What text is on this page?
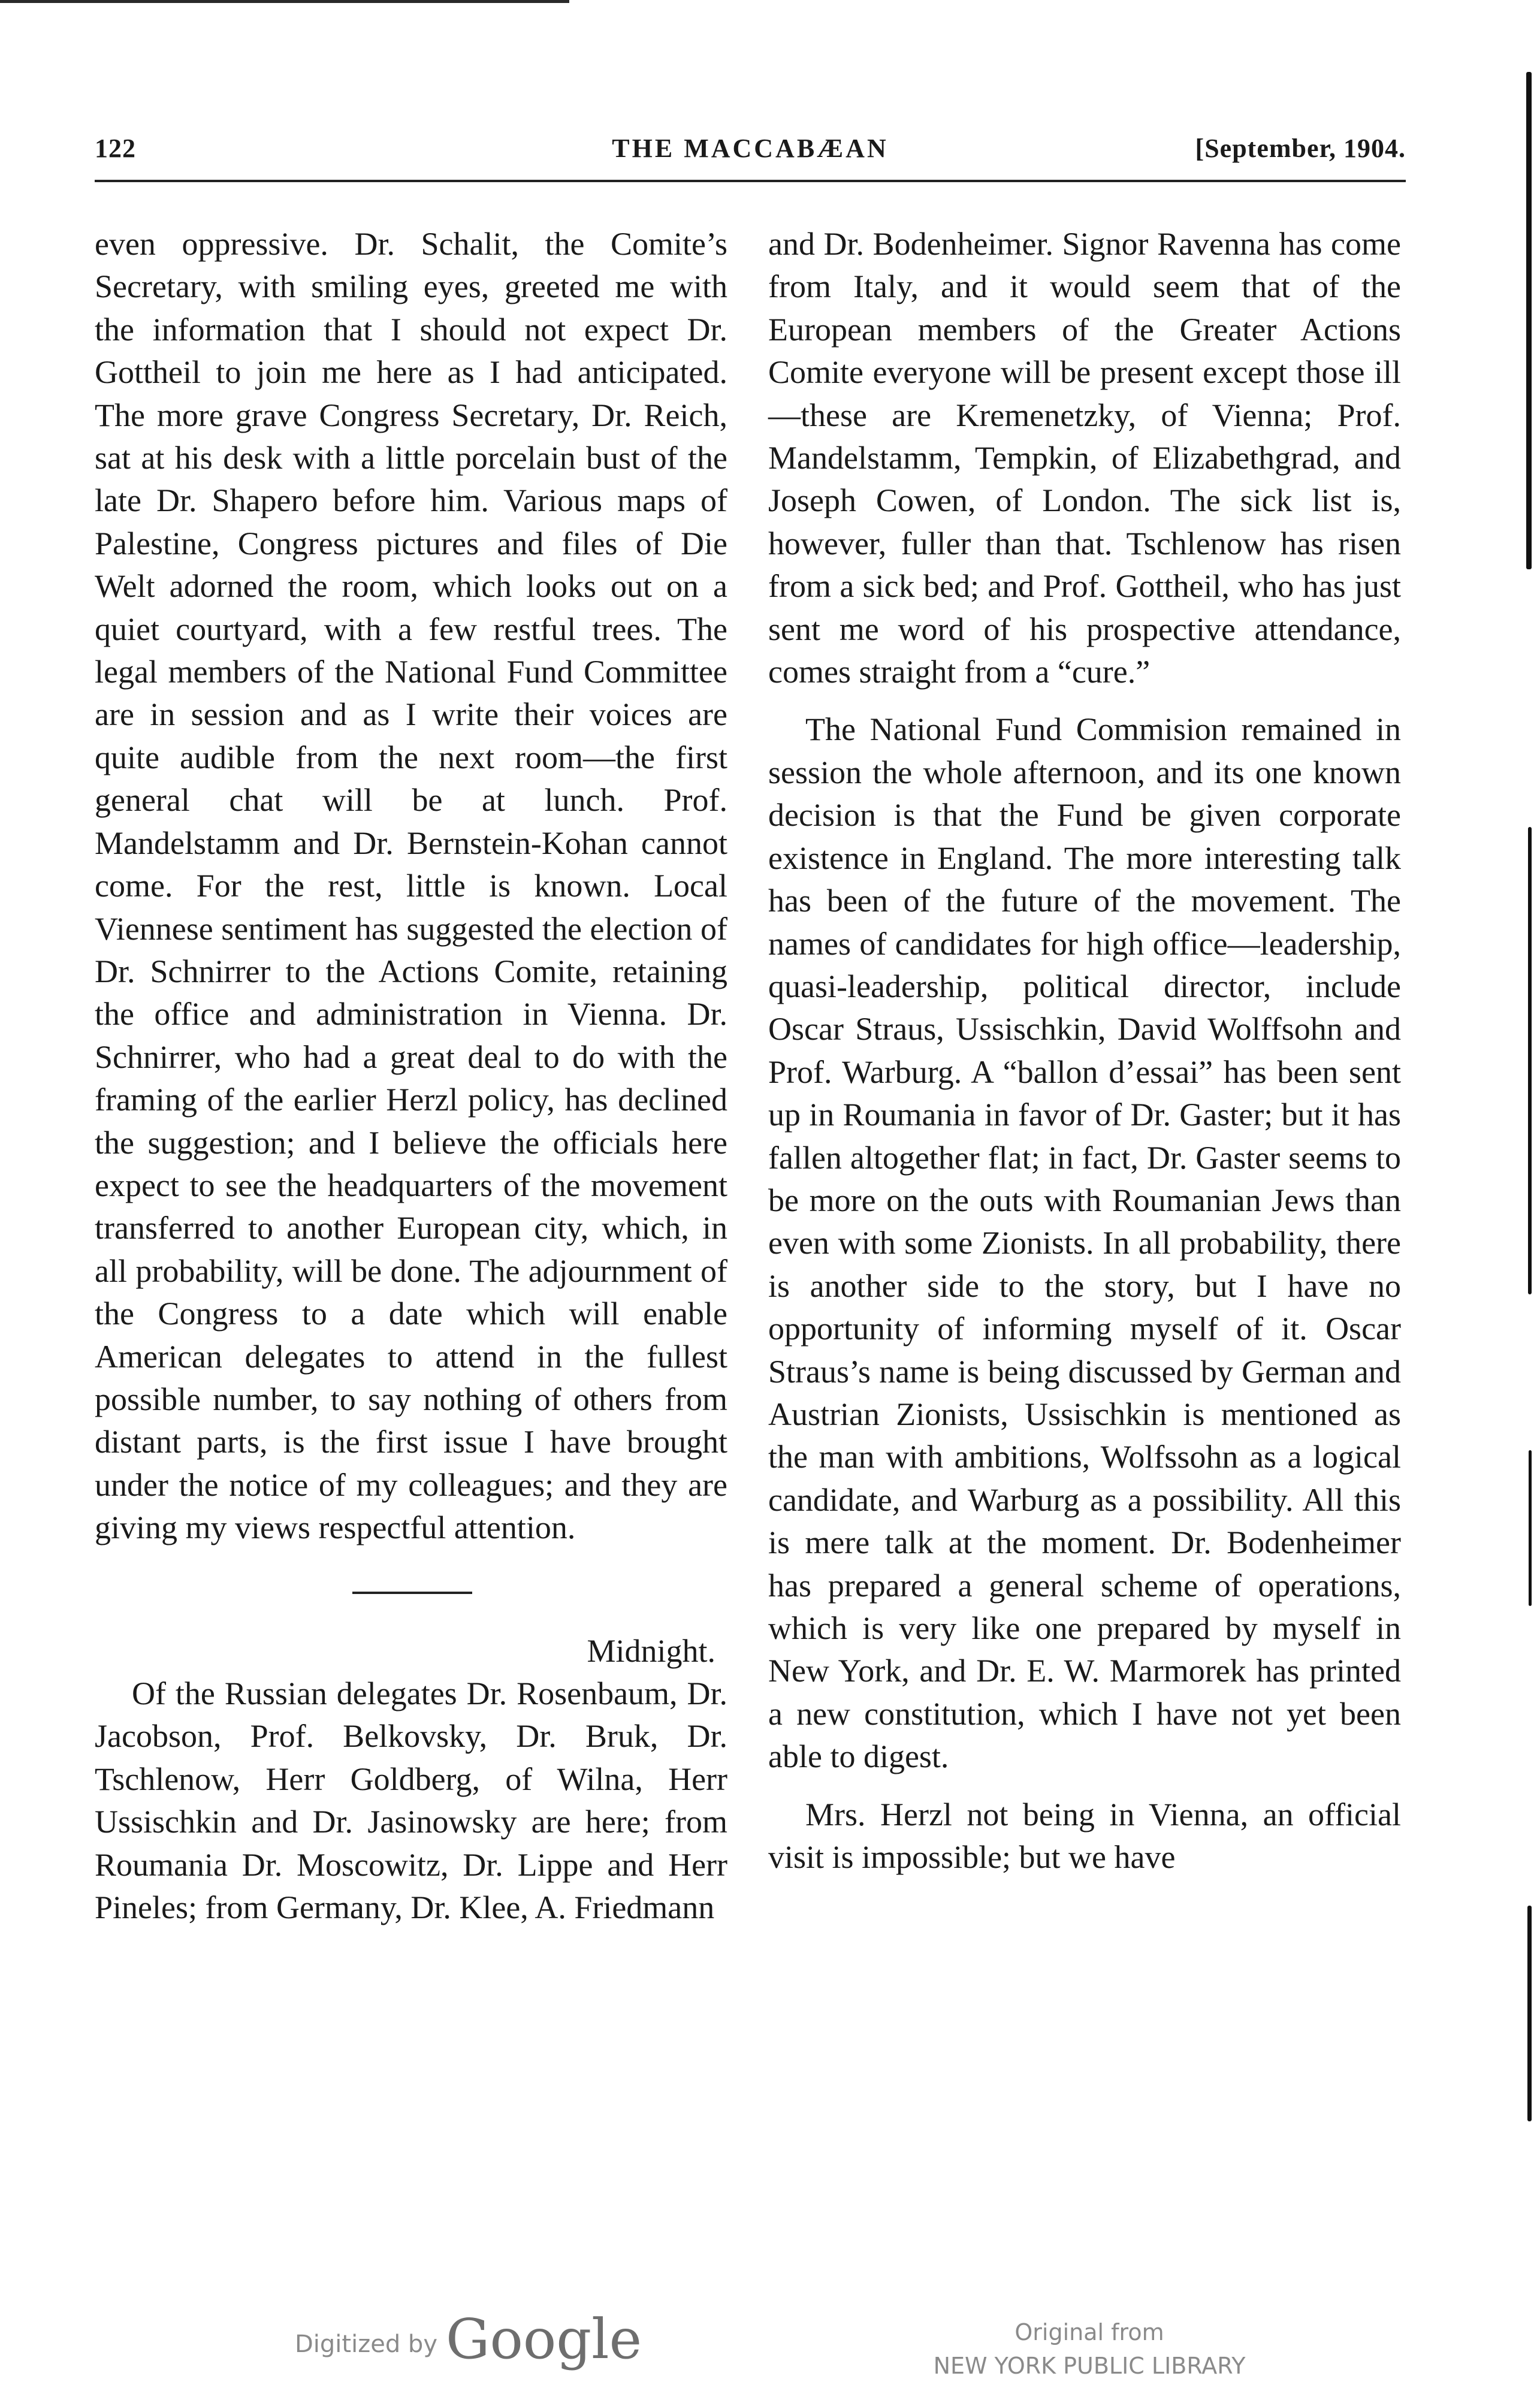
122	THE MACCABÆAN	[September, 1904.

even oppressive. Dr. Schalit, the Comite’s Secretary, with smiling eyes, greeted me with the information that I should not expect Dr. Gottheil to join me here as I had anticipated. The more grave Congress Secretary, Dr. Reich, sat at his desk with a little porcelain bust of the late Dr. Shapero before him. Various maps of Palestine, Congress pictures and files of Die Welt adorned the room, which looks out on a quiet courtyard, with a few restful trees. The legal members of the National Fund Committee are in session and as I write their voices are quite audible from the next room—the first general chat will be at lunch. Prof. Mandelstamm and Dr. Bernstein-Kohan cannot come. For the rest, little is known. Local Viennese sentiment has suggested the election of Dr. Schnirrer to the Actions Comite, retaining the office and administration in Vienna. Dr. Schnirrer, who had a great deal to do with the framing of the earlier Herzl policy, has declined the suggestion; and I believe the officials here expect to see the headquarters of the movement transferred to another European city, which, in all probability, will be done. The adjournment of the Congress to a date which will enable American delegates to attend in the fullest possible number, to say nothing of others from distant parts, is the first issue I have brought under the notice of my colleagues; and they are giving my views respectful attention.

Midnight.

Of the Russian delegates Dr. Rosenbaum, Dr. Jacobson, Prof. Belkovsky, Dr. Bruk, Dr. Tschlenow, Herr Goldberg, of Wilna, Herr Ussischkin and Dr. Jasinowsky are here; from Roumania Dr. Moscowitz, Dr. Lippe and Herr Pineles; from Germany, Dr. Klee, A. Friedmann

and Dr. Bodenheimer. Signor Ravenna has come from Italy, and it would seem that of the European members of the Greater Actions Comite everyone will be present except those ill—these are Kremenetzky, of Vienna; Prof. Mandelstamm, Tempkin, of Elizabethgrad, and Joseph Cowen, of London. The sick list is, however, fuller than that. Tschlenow has risen from a sick bed; and Prof. Gottheil, who has just sent me word of his prospective attendance, comes straight from a “cure.”

The National Fund Commision remained in session the whole afternoon, and its one known decision is that the Fund be given corporate existence in England. The more interesting talk has been of the future of the movement. The names of candidates for high office—leadership, quasi-leadership, political director, include Oscar Straus, Ussischkin, David Wolffsohn and Prof. Warburg. A “ballon d’essai” has been sent up in Roumania in favor of Dr. Gaster; but it has fallen altogether flat; in fact, Dr. Gaster seems to be more on the outs with Roumanian Jews than even with some Zionists. In all probability, there is another side to the story, but I have no opportunity of informing myself of it. Oscar Straus’s name is being discussed by German and Austrian Zionists, Ussischkin is mentioned as the man with ambitions, Wolfssohn as a logical candidate, and Warburg as a possibility. All this is mere talk at the moment. Dr. Bodenheimer has prepared a general scheme of operations, which is very like one prepared by myself in New York, and Dr. E. W. Marmorek has printed a new constitution, which I have not yet been able to digest.

Mrs. Herzl not being in Vienna, an official visit is impossible; but we have

Digitized by Google	Original from
NEW YORK PUBLIC LIBRARY
